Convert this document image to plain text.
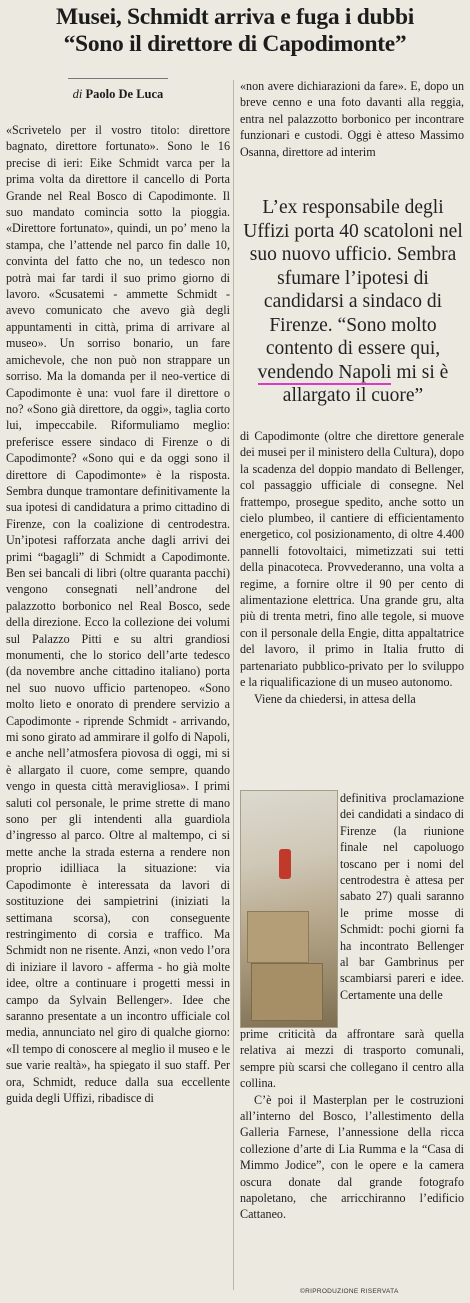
Musei, Schmidt arriva e fuga i dubbi
“Sono il direttore di Capodimonte”
di Paolo De Luca

«Scrivetelo per il vostro titolo: direttore bagnato, direttore fortunato». Sono le 16 precise di ieri: Eike Schmidt varca per la prima volta da direttore il cancello di Porta Grande nel Real Bosco di Capodimonte. Il suo mandato comincia sotto la pioggia. «Direttore fortunato», quindi, un po’ meno la stampa, che l’attende nel parco fin dalle 10, convinta del fatto che no, un tedesco non potrà mai far tardi il suo primo giorno di lavoro. «Scusatemi - ammette Schmidt - avevo comunicato che avevo già degli appuntamenti in città, prima di arrivare al museo». Un sorriso bonario, un fare amichevole, che non può non strappare un sorriso. Ma la domanda per il neo-vertice di Capodimonte è una: vuol fare il direttore o no? «Sono già direttore, da oggi», taglia corto lui, impeccabile. Riformuliamo meglio: preferisce essere sindaco di Firenze o di Capodimonte? «Sono qui e da oggi sono il direttore di Capodimonte» è la risposta. Sembra dunque tramontare definitivamente la sua ipotesi di candidatura a primo cittadino di Firenze, con la coalizione di centrodestra. Un’ipotesi rafforzata anche dagli arrivi dei primi “bagagli” di Schmidt a Capodimonte. Ben sei bancali di libri (oltre quaranta pacchi) vengono consegnati nell’androne del palazzotto borbonico nel Real Bosco, sede della direzione. Ecco la collezione dei volumi sul Palazzo Pitti e su altri grandiosi monumenti, che lo storico dell’arte tedesco (da novembre anche cittadino italiano) porta nel suo nuovo ufficio partenopeo. «Sono molto lieto e onorato di prendere servizio a Capodimonte - riprende Schmidt - arrivando, mi sono girato ad ammirare il golfo di Napoli, e anche nell’atmosfera piovosa di oggi, mi si è allargato il cuore, come sempre, quando vengo in questa città meravigliosa». I primi saluti col personale, le prime strette di mano sono per gli intendenti alla guardiola d’ingresso al parco. Oltre al maltempo, ci si mette anche la strada esterna a rendere non proprio idilliaca la situazione: via Capodimonte è interessata da lavori di sostituzione dei sampietrini (iniziati la settimana scorsa), con conseguente restringimento di corsia e traffico. Ma Schmidt non ne risente. Anzi, «non vedo l’ora di iniziare il lavoro - afferma - ho già molte idee, oltre a continuare i progetti messi in campo da Sylvain Bellenger». Idee che saranno presentate a un incontro ufficiale col media, annunciato nel giro di qualche giorno: «Il tempo di conoscere al meglio il museo e le sue varie realtà», ha spiegato il suo staff. Per ora, Schmidt, reduce dalla sua eccellente guida degli Uffizi, ribadisce di

«non avere dichiarazioni da fare». E, dopo un breve cenno e una foto davanti alla reggia, entra nel palazzotto borbonico per incontrare funzionari e custodi. Oggi è atteso Massimo Osanna, direttore ad interim

L’ex responsabile degli Uffizi porta 40 scatoloni nel suo nuovo ufficio. Sembra sfumare l’ipotesi di candidarsi a sindaco di Firenze. “Sono molto contento di essere qui, vendendo Napoli mi si è allargato il cuore”

di Capodimonte (oltre che direttore generale dei musei per il ministero della Cultura), dopo la scadenza del doppio mandato di Bellenger, col passaggio ufficiale di consegne. Nel frattempo, prosegue spedito, anche sotto un cielo plumbeo, il cantiere di efficientamento energetico, col posizionamento, di oltre 4.400 pannelli fotovoltaici, mimetizzati sui tetti della pinacoteca. Provvederanno, una volta a regime, a fornire oltre il 90 per cento di alimentazione elettrica. Una grande gru, alta più di trenta metri, fino alle tegole, si muove con il personale della Engie, ditta appaltatrice del lavoro, il primo in Italia frutto di partenariato pubblico-privato per lo sviluppo e la riqualificazione di un museo autonomo.

Viene da chiedersi, in attesa della

definitiva proclamazione dei candidati a sindaco di Firenze (la riunione finale nel capoluogo toscano per i nomi del centrodestra è attesa per sabato 27) quali saranno le prime mosse di Schmidt: pochi giorni fa ha incontrato Bellenger al bar Gambrinus per scambiarsi pareri e idee. Certamente una delle

prime criticità da affrontare sarà quella relativa ai mezzi di trasporto comunali, sempre più scarsi che collegano il centro alla collina.

C’è poi il Masterplan per le costruzioni all’interno del Bosco, l’allestimento della Galleria Farnese, l’annessione della ricca collezione d’arte di Lia Rumma e la “Casa di Mimmo Jodice”, con le opere e la camera oscura donate dal grande fotografo napoletano, che arricchiranno l’edificio Cattaneo.

©RIPRODUZIONE RISERVATA
